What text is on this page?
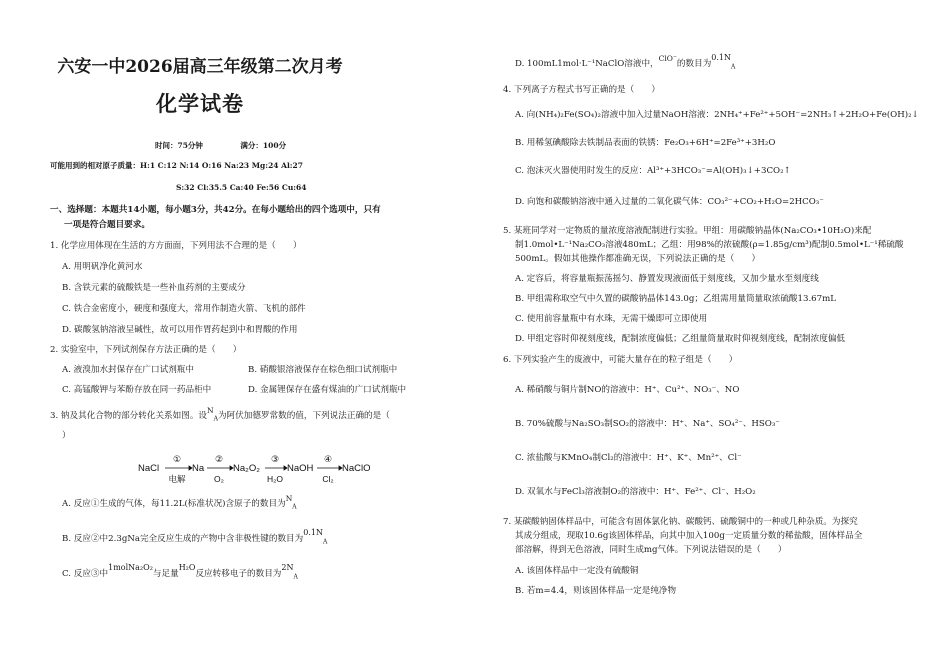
六安一中2026届高三年级第二次月考
化学试卷
时间：75分钟　　　　　满分：100分
可能用到的相对原子质量：H:1 C:12 N:14 O:16 Na:23 Mg:24 Al:27
S:32 Cl:35.5 Ca:40 Fe:56 Cu:64
一、选择题：本题共14小题，每小题3分，共42分。在每小题给出的四个选项中，只有
一项是符合题目要求。
1. 化学应用体现在生活的方方面面，下列用法不合理的是（　　）
A. 用明矾净化黄河水
B. 含铁元素的硫酸铁是一些补血药剂的主要成分
C. 铁合金密度小，硬度和强度大，常用作制造火箭、飞机的部件
D. 碳酸氢钠溶液呈碱性，故可以用作胃药起到中和胃酸的作用
2. 实验室中，下列试剂保存方法正确的是（　　）
A. 液溴加水封保存在广口试剂瓶中	B. 硝酸银溶液保存在棕色细口试剂瓶中
C. 高锰酸钾与苯酚存放在同一药品柜中	D. 金属锂保存在盛有煤油的广口试剂瓶中
3. 钠及其化合物的部分转化关系如图。设$N_A$为阿伏加德罗常数的值，下列说法正确的是（
）
NaCl	Na	Na₂O₂	NaOH	NaClO
①	②	③	④
电解	O₂	H₂O	Cl₂
A. 反应①生成的气体，每11.2L(标准状况)含原子的数目为$N_A$
B. 反应②中2.3gNa完全反应生成的产物中含非极性键的数目为$0.1N_A$
C. 反应③中1molNa₂O₂与足量H₂O反应转移电子的数目为$2N_A$
D. 100mL1mol·L⁻¹NaClO溶液中，ClO⁻的数目为$0.1N_A$
4. 下列离子方程式书写正确的是（　　）
A. 向(NH₄)₂Fe(SO₄)₂溶液中加入过量NaOH溶液：2NH₄⁺+Fe²⁺+5OH⁻=2NH₃↑+2H₂O+Fe(OH)₂↓
B. 用稀氢碘酸除去铁制品表面的铁锈：Fe₂O₃+6H⁺=2Fe³⁺+3H₂O
C. 泡沫灭火器使用时发生的反应：Al³⁺+3HCO₃⁻=Al(OH)₃↓+3CO₂↑
D. 向饱和碳酸钠溶液中通入过量的二氧化碳气体：CO₃²⁻+CO₂+H₂O=2HCO₃⁻
5. 某班同学对一定物质的量浓度溶液配制进行实验。甲组：用碳酸钠晶体(Na₂CO₃•10H₂O)来配
制1.0mol•L⁻¹Na₂CO₃溶液480mL；乙组：用98%的浓硫酸(ρ=1.85g/cm³)配制0.5mol•L⁻¹稀硫酸
500mL。假如其他操作都准确无误，下列说法正确的是（　　）
A. 定容后，将容量瓶振荡摇匀、静置发现液面低于刻度线，又加少量水至刻度线
B. 甲组需称取空气中久置的碳酸钠晶体143.0g；乙组需用量筒量取浓硫酸13.67mL
C. 使用前容量瓶中有水珠，无需干燥即可立即使用
D. 甲组定容时仰视刻度线，配制浓度偏低；乙组量筒量取时仰视刻度线，配制浓度偏低
6. 下列实验产生的废液中，可能大量存在的粒子组是（　　）
A. 稀硝酸与铜片制NO的溶液中：H⁺、Cu²⁺、NO₃⁻、NO
B. 70%硫酸与Na₂SO₃制SO₂的溶液中：H⁺、Na⁺、SO₄²⁻、HSO₃⁻
C. 浓盐酸与KMnO₄制Cl₂的溶液中：H⁺、K⁺、Mn²⁺、Cl⁻
D. 双氧水与FeCl₃溶液制O₂的溶液中：H⁺、Fe²⁺、Cl⁻、H₂O₂
7. 某碳酸钠固体样品中，可能含有固体氯化钠、碳酸钙、硫酸铜中的一种或几种杂质。为探究
其成分组成，现取10.6g该固体样品，向其中加入100g一定质量分数的稀盐酸，固体样品全
部溶解，得到无色溶液，同时生成mg气体。下列说法错误的是（　　）
A. 该固体样品中一定没有硫酸铜
B. 若m=4.4，则该固体样品一定是纯净物
